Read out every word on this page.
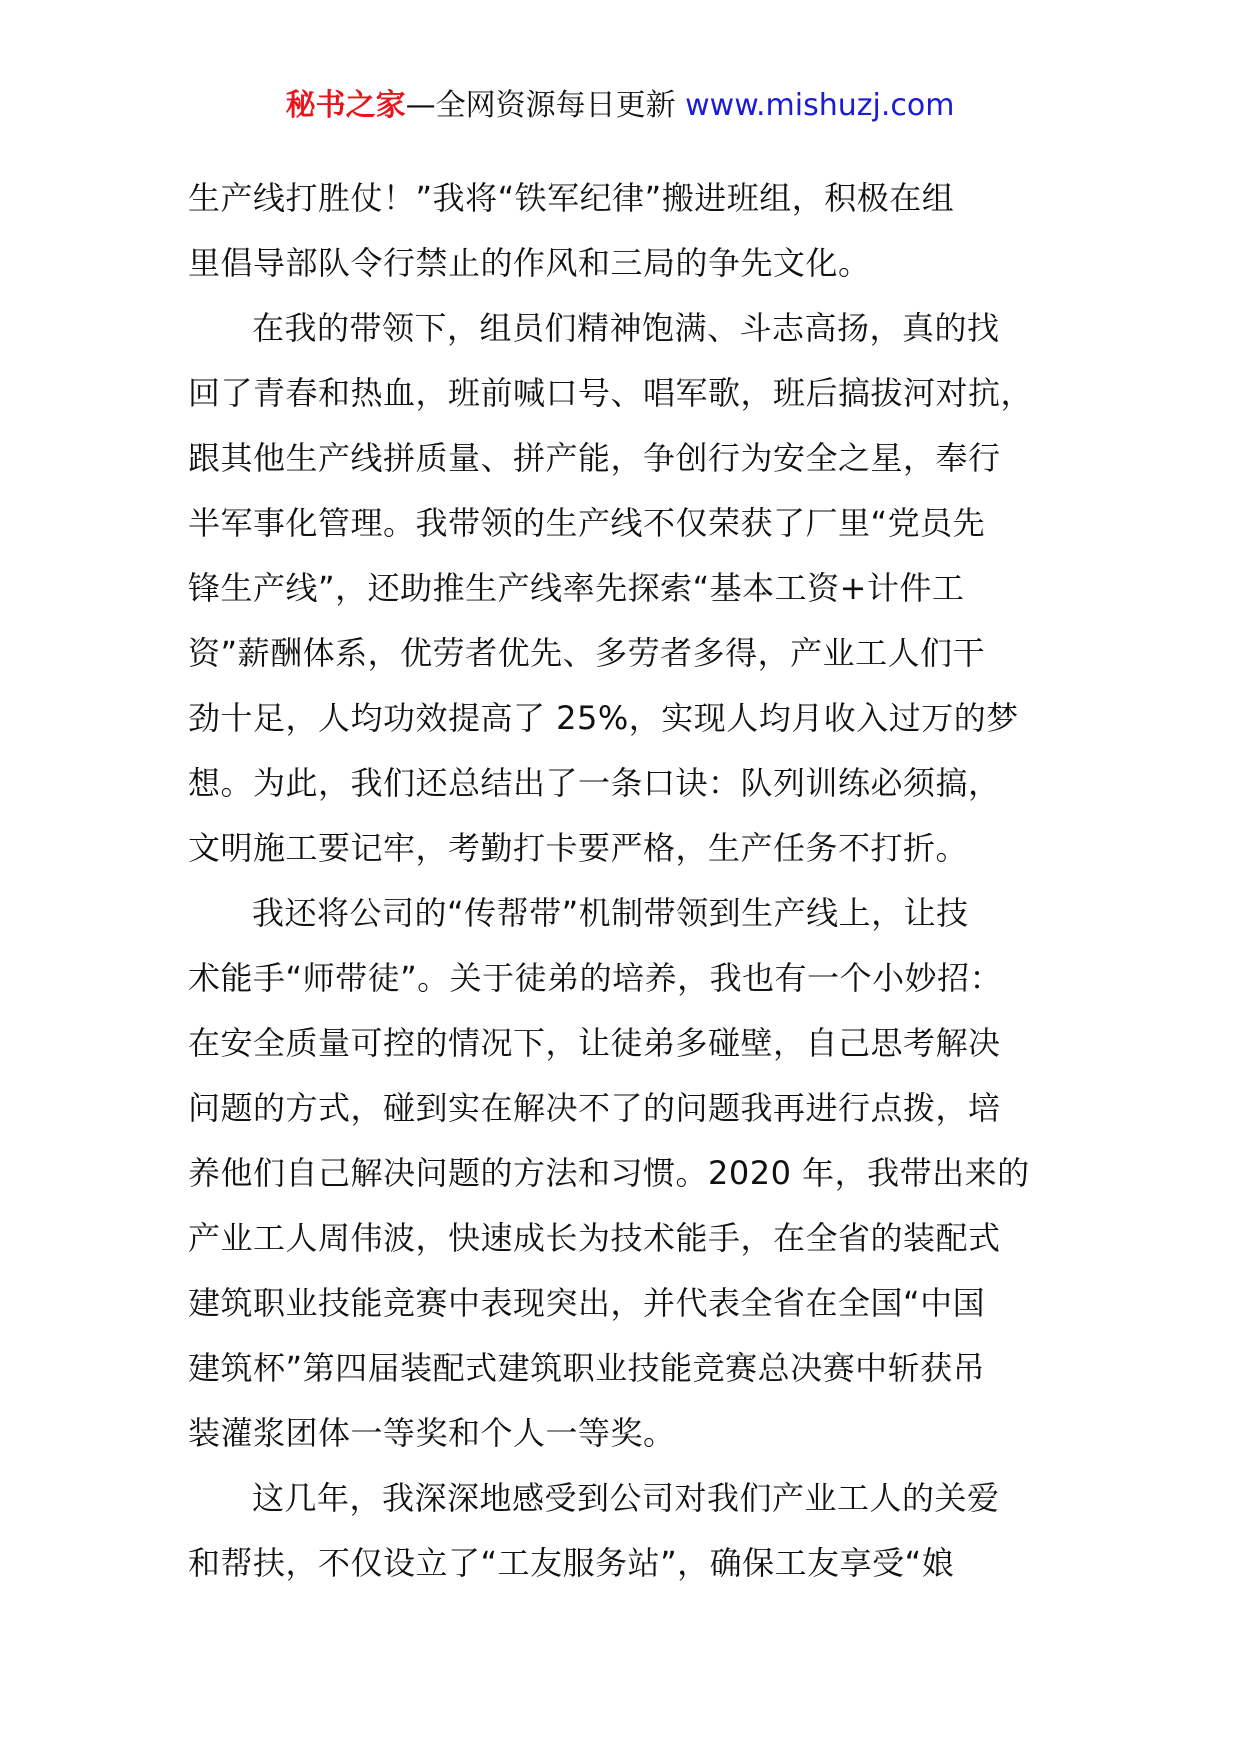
秘书之家—全网资源每日更新 www.mishuzj.com
生产线打胜仗！”我将“铁军纪律”搬进班组，积极在组
里倡导部队令行禁止的作风和三局的争先文化。
在我的带领下，组员们精神饱满、斗志高扬，真的找
回了青春和热血，班前喊口号、唱军歌，班后搞拔河对抗，
跟其他生产线拼质量、拼产能，争创行为安全之星，奉行
半军事化管理。我带领的生产线不仅荣获了厂里“党员先
锋生产线”，还助推生产线率先探索“基本工资+计件工
资”薪酬体系，优劳者优先、多劳者多得，产业工人们干
劲十足，人均功效提高了 25%，实现人均月收入过万的梦
想。为此，我们还总结出了一条口诀：队列训练必须搞，
文明施工要记牢，考勤打卡要严格，生产任务不打折。
我还将公司的“传帮带”机制带领到生产线上，让技
术能手“师带徒”。关于徒弟的培养，我也有一个小妙招：
在安全质量可控的情况下，让徒弟多碰壁，自己思考解决
问题的方式，碰到实在解决不了的问题我再进行点拨，培
养他们自己解决问题的方法和习惯。2020 年，我带出来的
产业工人周伟波，快速成长为技术能手，在全省的装配式
建筑职业技能竞赛中表现突出，并代表全省在全国“中国
建筑杯”第四届装配式建筑职业技能竞赛总决赛中斩获吊
装灌浆团体一等奖和个人一等奖。
这几年，我深深地感受到公司对我们产业工人的关爱
和帮扶，不仅设立了“工友服务站”，确保工友享受“娘
